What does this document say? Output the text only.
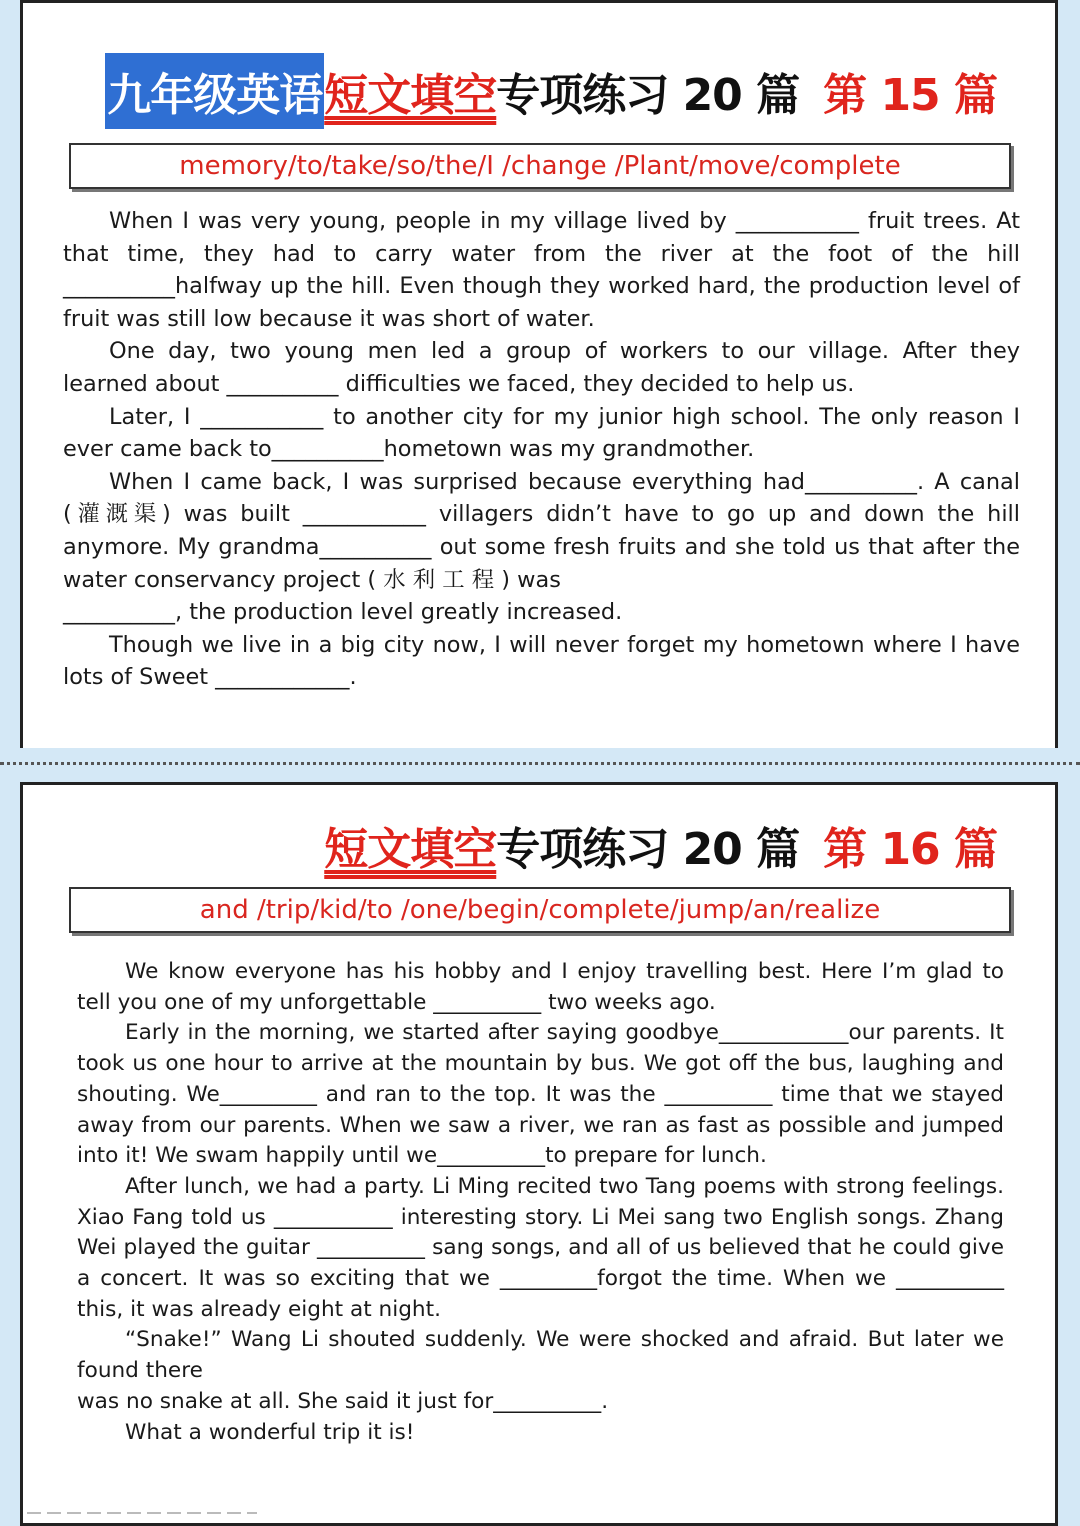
九年级英语 短文填空 专项练习 20 篇 第 15 篇
memory/to/take/so/the/I /change /Plant/move/complete

When I was very young, people in my village lived by ___________ fruit trees. At that time, they had to carry water from the river at the foot of the hill __________halfway up the hill. Even though they worked hard, the production level of fruit was still low because it was short of water.

One day, two young men led a group of workers to our village. After they learned about __________ difficulties we faced, they decided to help us.

Later, I ___________ to another city for my junior high school. The only reason I ever came back to__________hometown was my grandmother.

When I came back, I was surprised because everything had__________. A canal (灌溉渠) was built ___________ villagers didn’t have to go up and down the hill anymore. My grandma__________ out some fresh fruits and she told us that after the water conservancy project ( 水 利 工 程 ) was

__________, the production level greatly increased.

Though we live in a big city now, I will never forget my hometown where I have lots of Sweet ____________.

短文填空 专项练习 20 篇 第 16 篇
and /trip/kid/to /one/begin/complete/jump/an/realize

We know everyone has his hobby and I enjoy travelling best. Here I’m glad to tell you one of my unforgettable __________ two weeks ago.

Early in the morning, we started after saying goodbye____________our parents. It took us one hour to arrive at the mountain by bus. We got off the bus, laughing and shouting. We_________ and ran to the top. It was the __________ time that we stayed away from our parents. When we saw a river, we ran as fast as possible and jumped into it! We swam happily until we__________to prepare for lunch.

After lunch, we had a party. Li Ming recited two Tang poems with strong feelings. Xiao Fang told us ___________ interesting story. Li Mei sang two English songs. Zhang Wei played the guitar __________ sang songs, and all of us believed that he could give a concert. It was so exciting that we _________forgot the time. When we __________ this, it was already eight at night.

“Snake!” Wang Li shouted suddenly. We were shocked and afraid. But later we found there

was no snake at all. She said it just for__________.

What a wonderful trip it is!
